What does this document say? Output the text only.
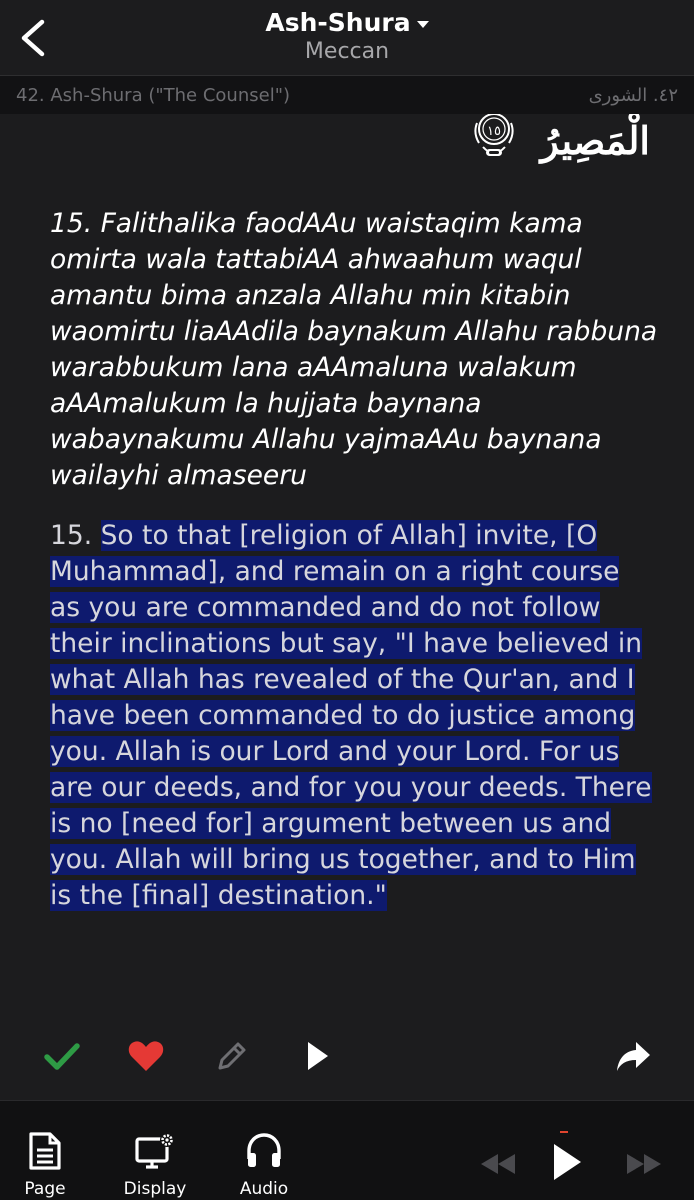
Ash-Shura
Meccan
42. Ash-Shura ("The Counsel")	٤٢. الشورى
١٥ الْمَصِيرُ

15. Falithalika faodAAu waistaqim kama omirta wala tattabiAA ahwaahum waqul amantu bima anzala Allahu min kitabin waomirtu liaAAdila baynakum Allahu rabbuna warabbukum lana aAAmaluna walakum aAAmalukum la hujjata baynana wabaynakumu Allahu yajmaAAu baynana wailayhi almaseeru

15. So to that [religion of Allah] invite, [O Muhammad], and remain on a right course as you are commanded and do not follow their inclinations but say, "I have believed in what Allah has revealed of the Qur'an, and I have been commanded to do justice among you. Allah is our Lord and your Lord. For us are our deeds, and for you your deeds. There is no [need for] argument between us and you. Allah will bring us together, and to Him is the [final] destination."

Page	Display	Audio
